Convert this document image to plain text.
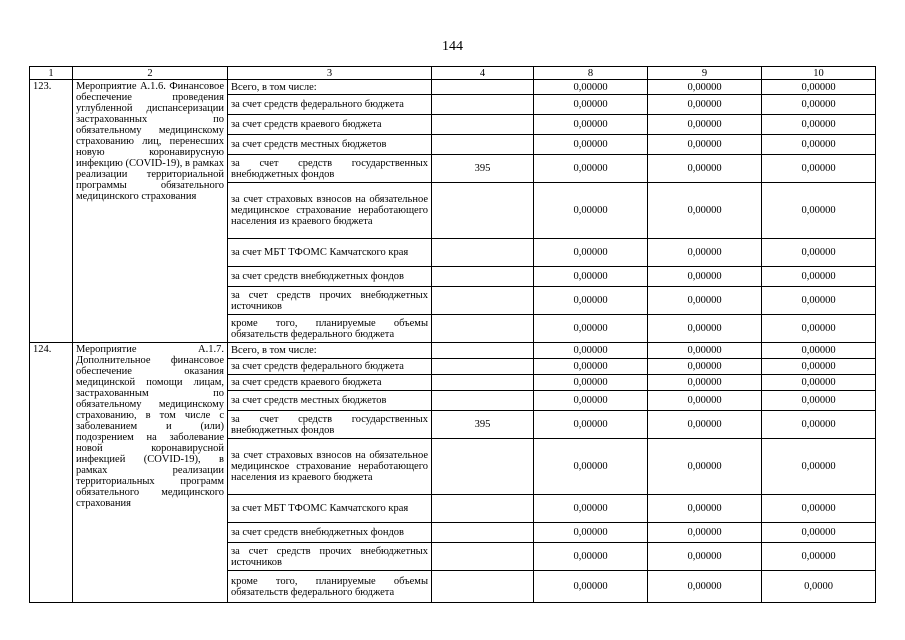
144
1	2	3	4	8	9	10
123.	Мероприятие А.1.6. Финансовое обеспечение проведения углубленной диспансеризации застрахованных по обязательному медицинскому страхованию лиц, перенесших новую коронавирусную инфекцию (COVID-19), в рамках реализации территориальной программы обязательного медицинского страхования	Всего, в том числе:		0,00000	0,00000	0,00000
		за счет средств федерального бюджета		0,00000	0,00000	0,00000
		за счет средств краевого бюджета		0,00000	0,00000	0,00000
		за счет средств местных бюджетов		0,00000	0,00000	0,00000
		за счет средств государственных внебюджетных фондов	395	0,00000	0,00000	0,00000
		за счет страховых взносов на обязательное медицинское страхование неработающего населения из краевого бюджета		0,00000	0,00000	0,00000
		за счет МБТ ТФОМС Камчатского края		0,00000	0,00000	0,00000
		за счет средств внебюджетных фондов		0,00000	0,00000	0,00000
		за счет средств прочих внебюджетных источников		0,00000	0,00000	0,00000
		кроме того, планируемые объемы обязательств федерального бюджета		0,00000	0,00000	0,00000
124.	Мероприятие А.1.7. Дополнительное финансовое обеспечение оказания медицинской помощи лицам, застрахованным по обязательному медицинскому страхованию, в том числе с заболеванием и (или) подозрением на заболевание новой коронавирусной инфекцией (COVID-19), в рамках реализации территориальных программ обязательного медицинского страхования	Всего, в том числе:		0,00000	0,00000	0,00000
		за счет средств федерального бюджета		0,00000	0,00000	0,00000
		за счет средств краевого бюджета		0,00000	0,00000	0,00000
		за счет средств местных бюджетов		0,00000	0,00000	0,00000
		за счет средств государственных внебюджетных фондов	395	0,00000	0,00000	0,00000
		за счет страховых взносов на обязательное медицинское страхование неработающего населения из краевого бюджета		0,00000	0,00000	0,00000
		за счет МБТ ТФОМС Камчатского края		0,00000	0,00000	0,00000
		за счет средств внебюджетных фондов		0,00000	0,00000	0,00000
		за счет средств прочих внебюджетных источников		0,00000	0,00000	0,00000
		кроме того, планируемые объемы обязательств федерального бюджета		0,00000	0,00000	0,0000
